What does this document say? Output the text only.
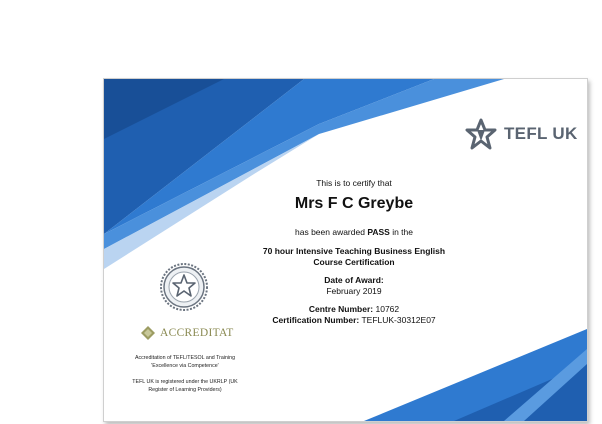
TEFL UK
This is to certify that
Mrs F C Greybe
has been awarded PASS in the
70 hour Intensive Teaching Business English
Course Certification
Date of Award:
February 2019
Centre Number: 10762
Certification Number: TEFLUK-30312E07
ACCREDITAT
Accreditation of TEFL/TESOL and Training
'Excellence via Competence'
TEFL UK is registered under the UKRLP (UK
Register of Learning Providers)
